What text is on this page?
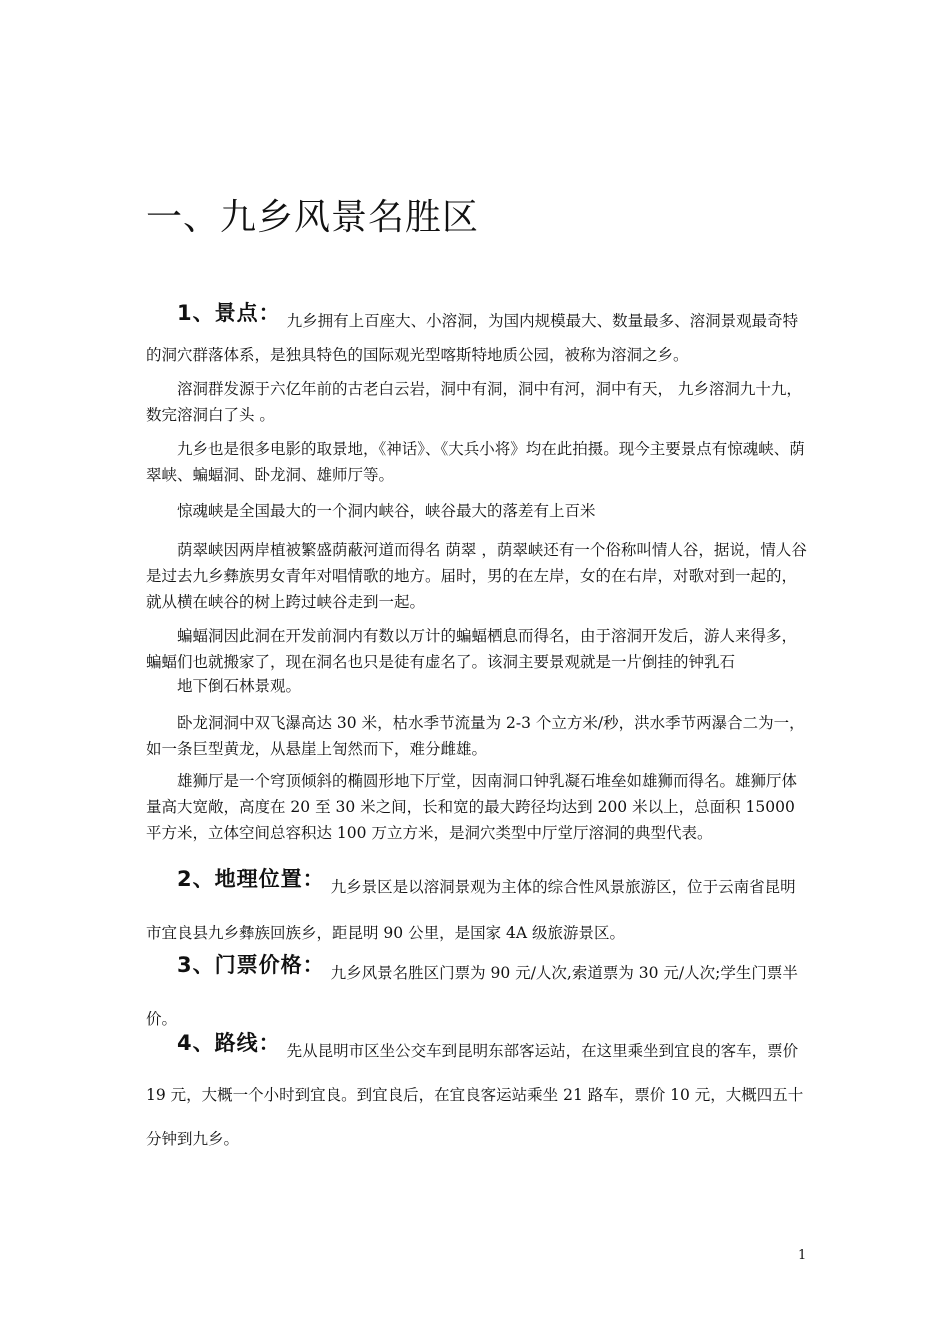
一、九乡风景名胜区

1、景点： 九乡拥有上百座大、小溶洞，为国内规模最大、数量最多、溶洞景观最奇特的洞穴群落体系，是独具特色的国际观光型喀斯特地质公园，被称为溶洞之乡。

溶洞群发源于六亿年前的古老白云岩，洞中有洞，洞中有河，洞中有天， 九乡溶洞九十九，数完溶洞白了头 。

九乡也是很多电影的取景地，《神话》、《大兵小将》均在此拍摄。现今主要景点有惊魂峡、荫翠峡、蝙蝠洞、卧龙洞、雄师厅等。

惊魂峡是全国最大的一个洞内峡谷，峡谷最大的落差有上百米

荫翠峡因两岸植被繁盛荫蔽河道而得名 荫翠 ，荫翠峡还有一个俗称叫情人谷，据说，情人谷是过去九乡彝族男女青年对唱情歌的地方。届时，男的在左岸，女的在右岸，对歌对到一起的，就从横在峡谷的树上跨过峡谷走到一起。

蝙蝠洞因此洞在开发前洞内有数以万计的蝙蝠栖息而得名，由于溶洞开发后，游人来得多，蝙蝠们也就搬家了，现在洞名也只是徒有虚名了。该洞主要景观就是一片倒挂的钟乳石

地下倒石林景观。

卧龙洞洞中双飞瀑高达 30 米，枯水季节流量为 2-3 个立方米/秒，洪水季节两瀑合二为一，如一条巨型黄龙，从悬崖上訇然而下，难分雌雄。

雄狮厅是一个穹顶倾斜的椭圆形地下厅堂，因南洞口钟乳凝石堆垒如雄狮而得名。雄狮厅体量高大宽敞，高度在 20 至 30 米之间，长和宽的最大跨径均达到 200 米以上，总面积 15000 平方米，立体空间总容积达 100 万立方米，是洞穴类型中厅堂厅溶洞的典型代表。

2、地理位置： 九乡景区是以溶洞景观为主体的综合性风景旅游区，位于云南省昆明市宜良县九乡彝族回族乡，距昆明 90 公里，是国家 4A 级旅游景区。

3、门票价格： 九乡风景名胜区门票为 90 元/人次,索道票为 30 元/人次;学生门票半价。

4、路线： 先从昆明市区坐公交车到昆明东部客运站，在这里乘坐到宜良的客车，票价 19 元，大概一个小时到宜良。到宜良后，在宜良客运站乘坐 21 路车，票价 10 元，大概四五十分钟到九乡。

1
